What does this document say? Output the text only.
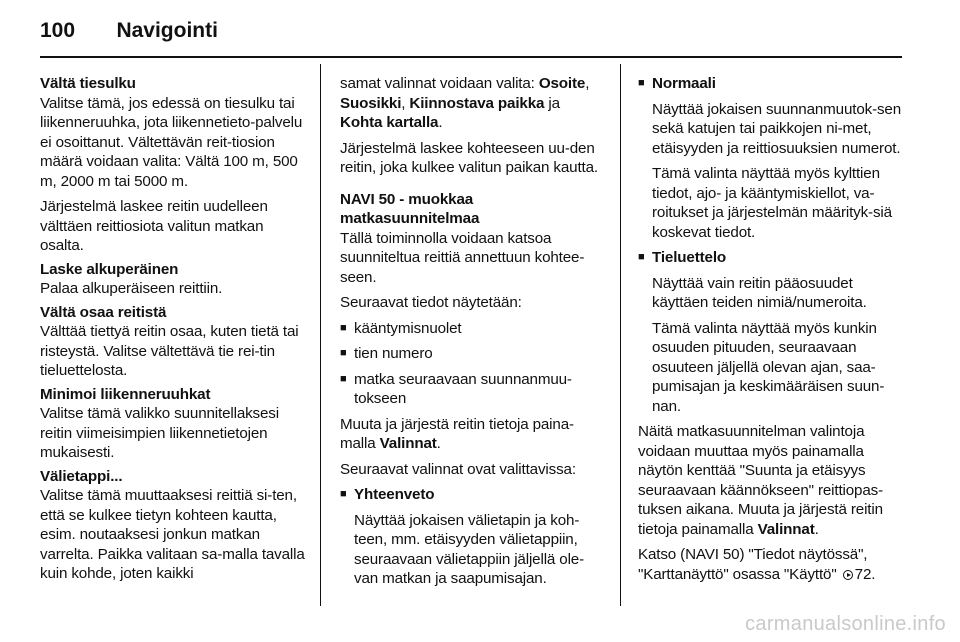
100 Navigointi

Vältä tiesulku

Valitse tämä, jos edessä on tiesulku tai liikenneruuhka, jota liikennetieto-palvelu ei osoittanut. Vältettävän reit-tiosion määrä voidaan valita: Vältä 100 m, 500 m, 2000 m tai 5000 m.

Järjestelmä laskee reitin uudelleen välttäen reittiosiota valitun matkan osalta.

Laske alkuperäinen

Palaa alkuperäiseen reittiin.

Vältä osaa reitistä

Välttää tiettyä reitin osaa, kuten tietä tai risteystä. Valitse vältettävä tie rei-tin tieluettelosta.

Minimoi liikenneruuhkat

Valitse tämä valikko suunnitellaksesi reitin viimeisimpien liikennetietojen mukaisesti.

Välietappi...

Valitse tämä muuttaaksesi reittiä si-ten, että se kulkee tietyn kohteen kautta, esim. noutaaksesi jonkun matkan varrelta. Paikka valitaan sa-malla tavalla kuin kohde, joten kaikki

samat valinnat voidaan valita: Osoite, Suosikki, Kiinnostava paikka ja Kohta kartalla.

Järjestelmä laskee kohteeseen uu-den reitin, joka kulkee valitun paikan kautta.

NAVI 50 - muokkaa matkasuunnitelmaa

Tällä toiminnolla voidaan katsoa suunniteltua reittiä annettuun kohtee-seen.

Seuraavat tiedot näytetään:

■ kääntymisnuolet
■ tien numero
■ matka seuraavaan suunnanmuu-tokseen

Muuta ja järjestä reitin tietoja paina-malla Valinnat.

Seuraavat valinnat ovat valittavissa:

■ Yhteenveto
Näyttää jokaisen välietapin ja koh-teen, mm. etäisyyden välietappiin, seuraavaan välietappiin jäljellä ole-van matkan ja saapumisajan.
■ Normaali
Näyttää jokaisen suunnanmuutok-sen sekä katujen tai paikkojen ni-met, etäisyyden ja reittiosuuksien numerot.
Tämä valinta näyttää myös kylttien tiedot, ajo- ja kääntymiskiellot, va-roitukset ja järjestelmän määrityk-siä koskevat tiedot.
■ Tieluettelo
Näyttää vain reitin pääosuudet käyttäen teiden nimiä/numeroita.
Tämä valinta näyttää myös kunkin osuuden pituuden, seuraavaan osuuteen jäljellä olevan ajan, saa-pumisajan ja keskimääräisen suun-nan.

Näitä matkasuunnitelman valintoja voidaan muuttaa myös painamalla näytön kenttää "Suunta ja etäisyys seuraavaan käännökseen" reittiopas-tuksen aikana. Muuta ja järjestä reitin tietoja painamalla Valinnat.

Katso (NAVI 50) "Tiedot näytössä", "Karttanäyttö" osassa "Käyttö" 72.

carmanualsonline.info
